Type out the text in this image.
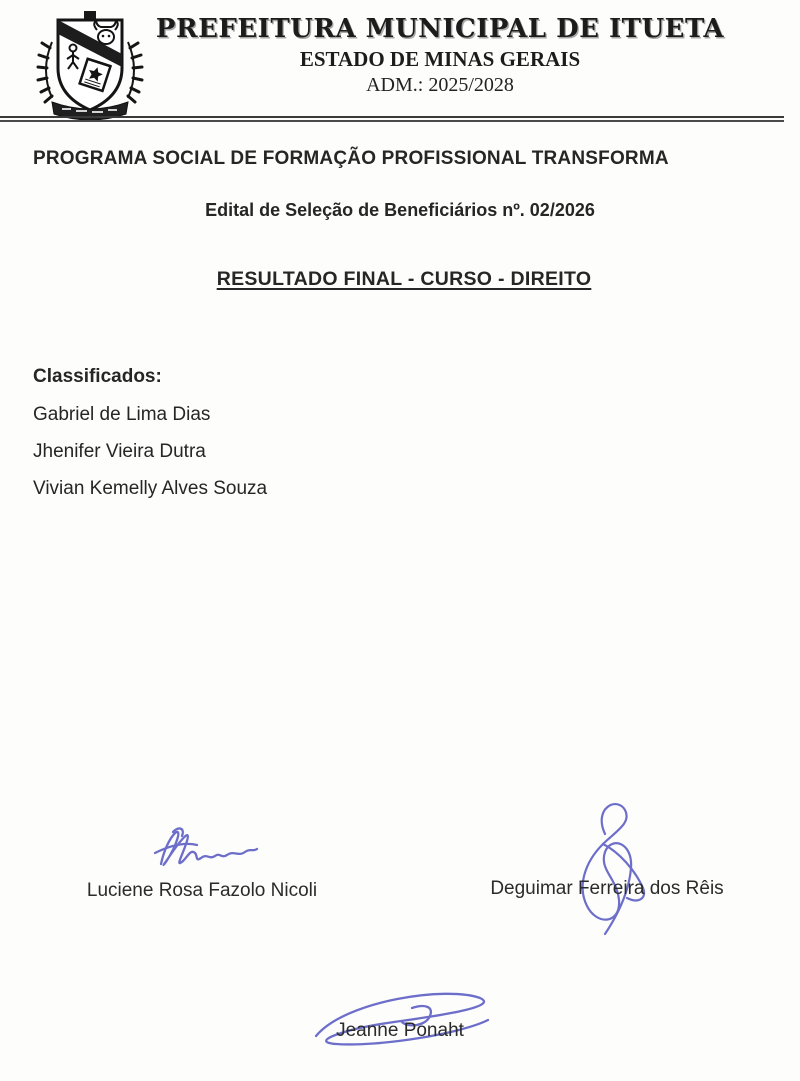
PREFEITURA MUNICIPAL DE ITUETA
ESTADO DE MINAS GERAIS
ADM.: 2025/2028
PROGRAMA SOCIAL DE FORMAÇÃO PROFISSIONAL TRANSFORMA
Edital de Seleção de Beneficiários nº. 02/2026
RESULTADO FINAL - CURSO - DIREITO
Classificados:
Gabriel de Lima Dias
Jhenifer Vieira Dutra
Vivian Kemelly Alves Souza
Luciene Rosa Fazolo Nicoli	Deguimar Ferreira dos Rêis
Jeanne Ponaht
